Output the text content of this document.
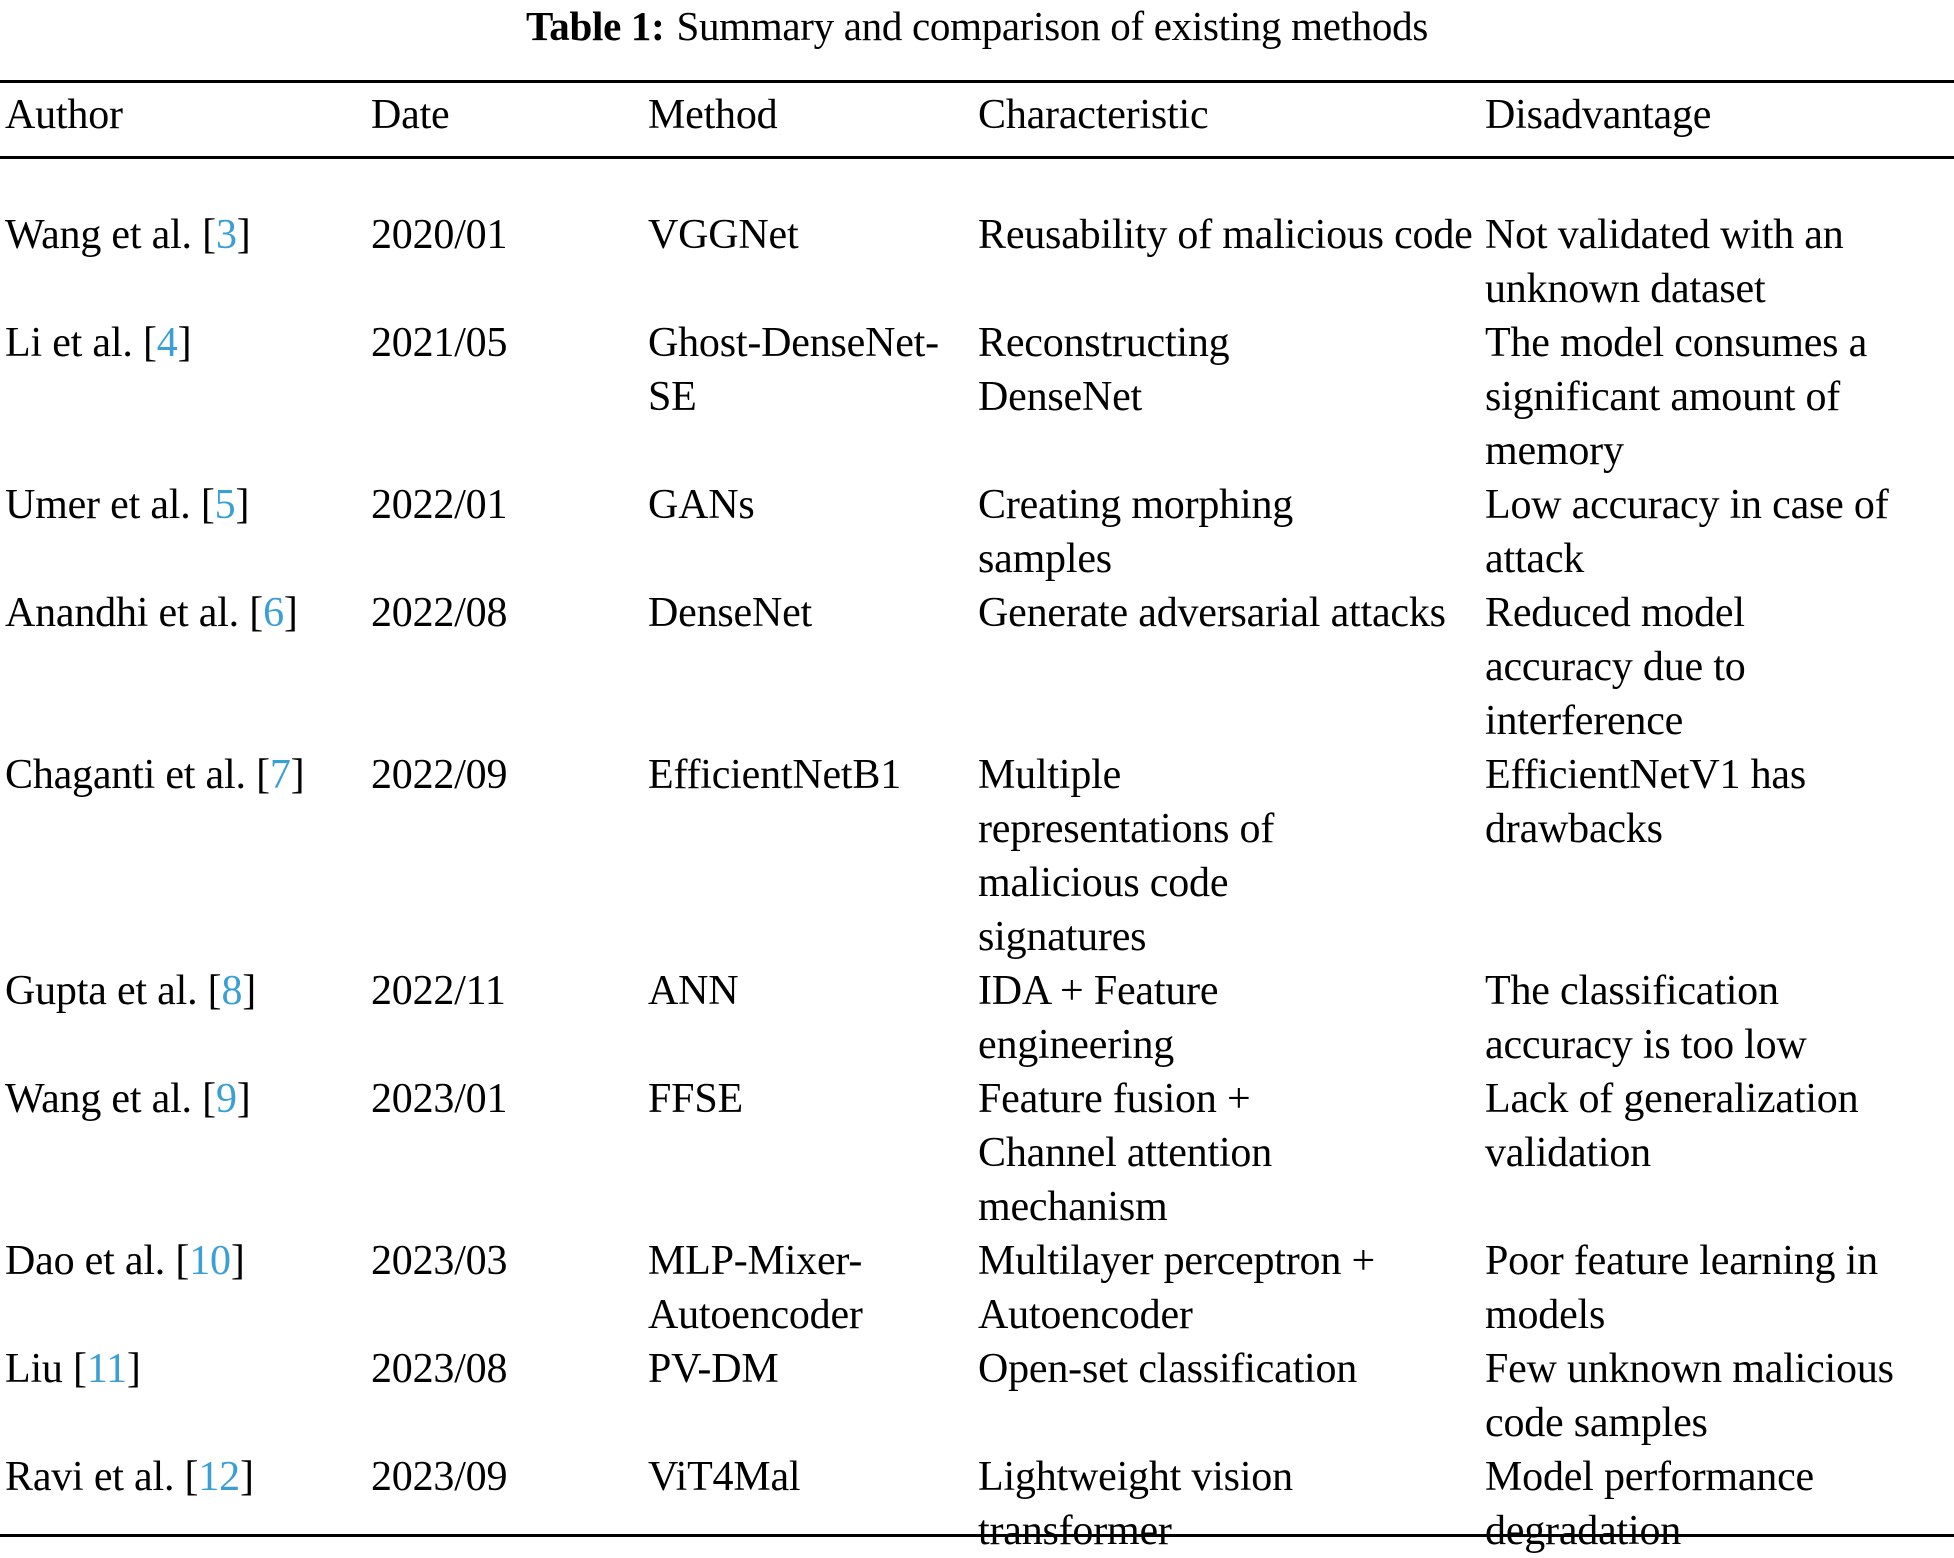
Table 1: Summary and comparison of existing methods
Author	Date	Method	Characteristic	Disadvantage
Wang et al. [3]	2020/01	VGGNet	Reusability of malicious code	Not validated with an unknown dataset
Li et al. [4]	2021/05	Ghost-DenseNet-SE	Reconstructing DenseNet	The model consumes a significant amount of memory
Umer et al. [5]	2022/01	GANs	Creating morphing samples	Low accuracy in case of attack
Anandhi et al. [6]	2022/08	DenseNet	Generate adversarial attacks	Reduced model accuracy due to interference
Chaganti et al. [7]	2022/09	EfficientNetB1	Multiple representations of malicious code signatures	EfficientNetV1 has drawbacks
Gupta et al. [8]	2022/11	ANN	IDA + Feature engineering	The classification accuracy is too low
Wang et al. [9]	2023/01	FFSE	Feature fusion + Channel attention mechanism	Lack of generalization validation
Dao et al. [10]	2023/03	MLP-Mixer-Autoencoder	Multilayer perceptron + Autoencoder	Poor feature learning in models
Liu [11]	2023/08	PV-DM	Open-set classification	Few unknown malicious code samples
Ravi et al. [12]	2023/09	ViT4Mal	Lightweight vision transformer	Model performance degradation
